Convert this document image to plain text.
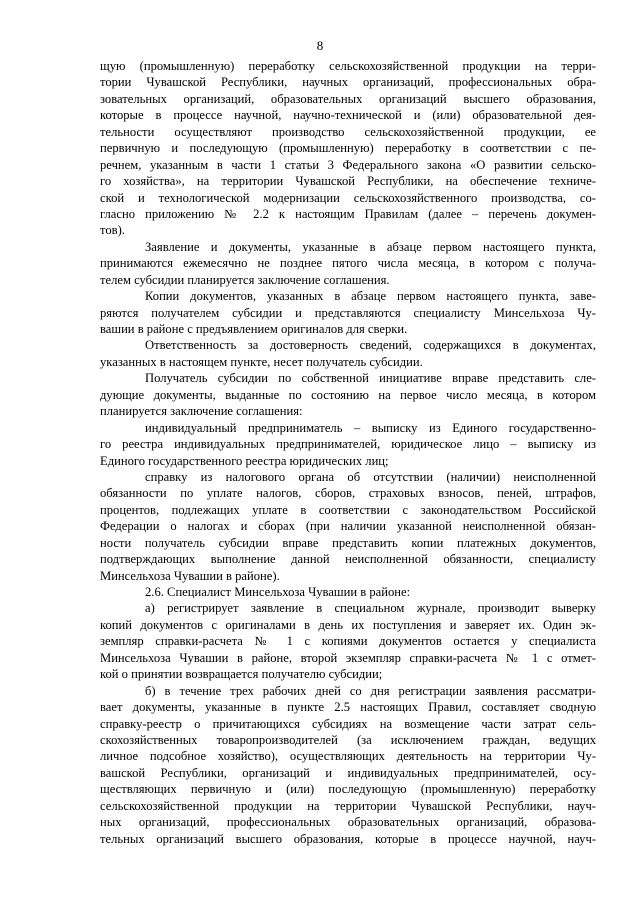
8
щую (промышленную) переработку сельскохозяйственной продукции на терри-
тории Чувашской Республики, научных организаций, профессиональных обра-
зовательных организаций, образовательных организаций высшего образования,
которые в процессе научной, научно-технической и (или) образовательной дея-
тельности осуществляют производство сельскохозяйственной продукции, ее
первичную и последующую (промышленную) переработку в соответствии с пе-
речнем, указанным в части 1 статьи 3 Федерального закона «О развитии сельско-
го хозяйства», на территории Чувашской Республики, на обеспечение техниче-
ской и технологической модернизации сельскохозяйственного производства, со-
гласно приложению № 2.2 к настоящим Правилам (далее – перечень докумен-
тов).
Заявление и документы, указанные в абзаце первом настоящего пункта,
принимаются ежемесячно не позднее пятого числа месяца, в котором с получа-
телем субсидии планируется заключение соглашения.
Копии документов, указанных в абзаце первом настоящего пункта, заве-
ряются получателем субсидии и представляются специалисту Минсельхоза Чу-
вашии в районе с предъявлением оригиналов для сверки.
Ответственность за достоверность сведений, содержащихся в документах,
указанных в настоящем пункте, несет получатель субсидии.
Получатель субсидии по собственной инициативе вправе представить сле-
дующие документы, выданные по состоянию на первое число месяца, в котором
планируется заключение соглашения:
индивидуальный предприниматель – выписку из Единого государственно-
го реестра индивидуальных предпринимателей, юридическое лицо – выписку из
Единого государственного реестра юридических лиц;
справку из налогового органа об отсутствии (наличии) неисполненной
обязанности по уплате налогов, сборов, страховых взносов, пеней, штрафов,
процентов, подлежащих уплате в соответствии с законодательством Российской
Федерации о налогах и сборах (при наличии указанной неисполненной обязан-
ности получатель субсидии вправе представить копии платежных документов,
подтверждающих выполнение данной неисполненной обязанности, специалисту
Минсельхоза Чувашии в районе).
2.6. Специалист Минсельхоза Чувашии в районе:
а) регистрирует заявление в специальном журнале, производит выверку
копий документов с оригиналами в день их поступления и заверяет их. Один эк-
земпляр справки-расчета № 1 с копиями документов остается у специалиста
Минсельхоза Чувашии в районе, второй экземпляр справки-расчета № 1 с отмет-
кой о принятии возвращается получателю субсидии;
б) в течение трех рабочих дней со дня регистрации заявления рассматри-
вает документы, указанные в пункте 2.5 настоящих Правил, составляет сводную
справку-реестр о причитающихся субсидиях на возмещение части затрат сель-
скохозяйственных товаропроизводителей (за исключением граждан, ведущих
личное подсобное хозяйство), осуществляющих деятельность на территории Чу-
вашской Республики, организаций и индивидуальных предпринимателей, осу-
ществляющих первичную и (или) последующую (промышленную) переработку
сельскохозяйственной продукции на территории Чувашской Республики, науч-
ных организаций, профессиональных образовательных организаций, образова-
тельных организаций высшего образования, которые в процессе научной, науч-
